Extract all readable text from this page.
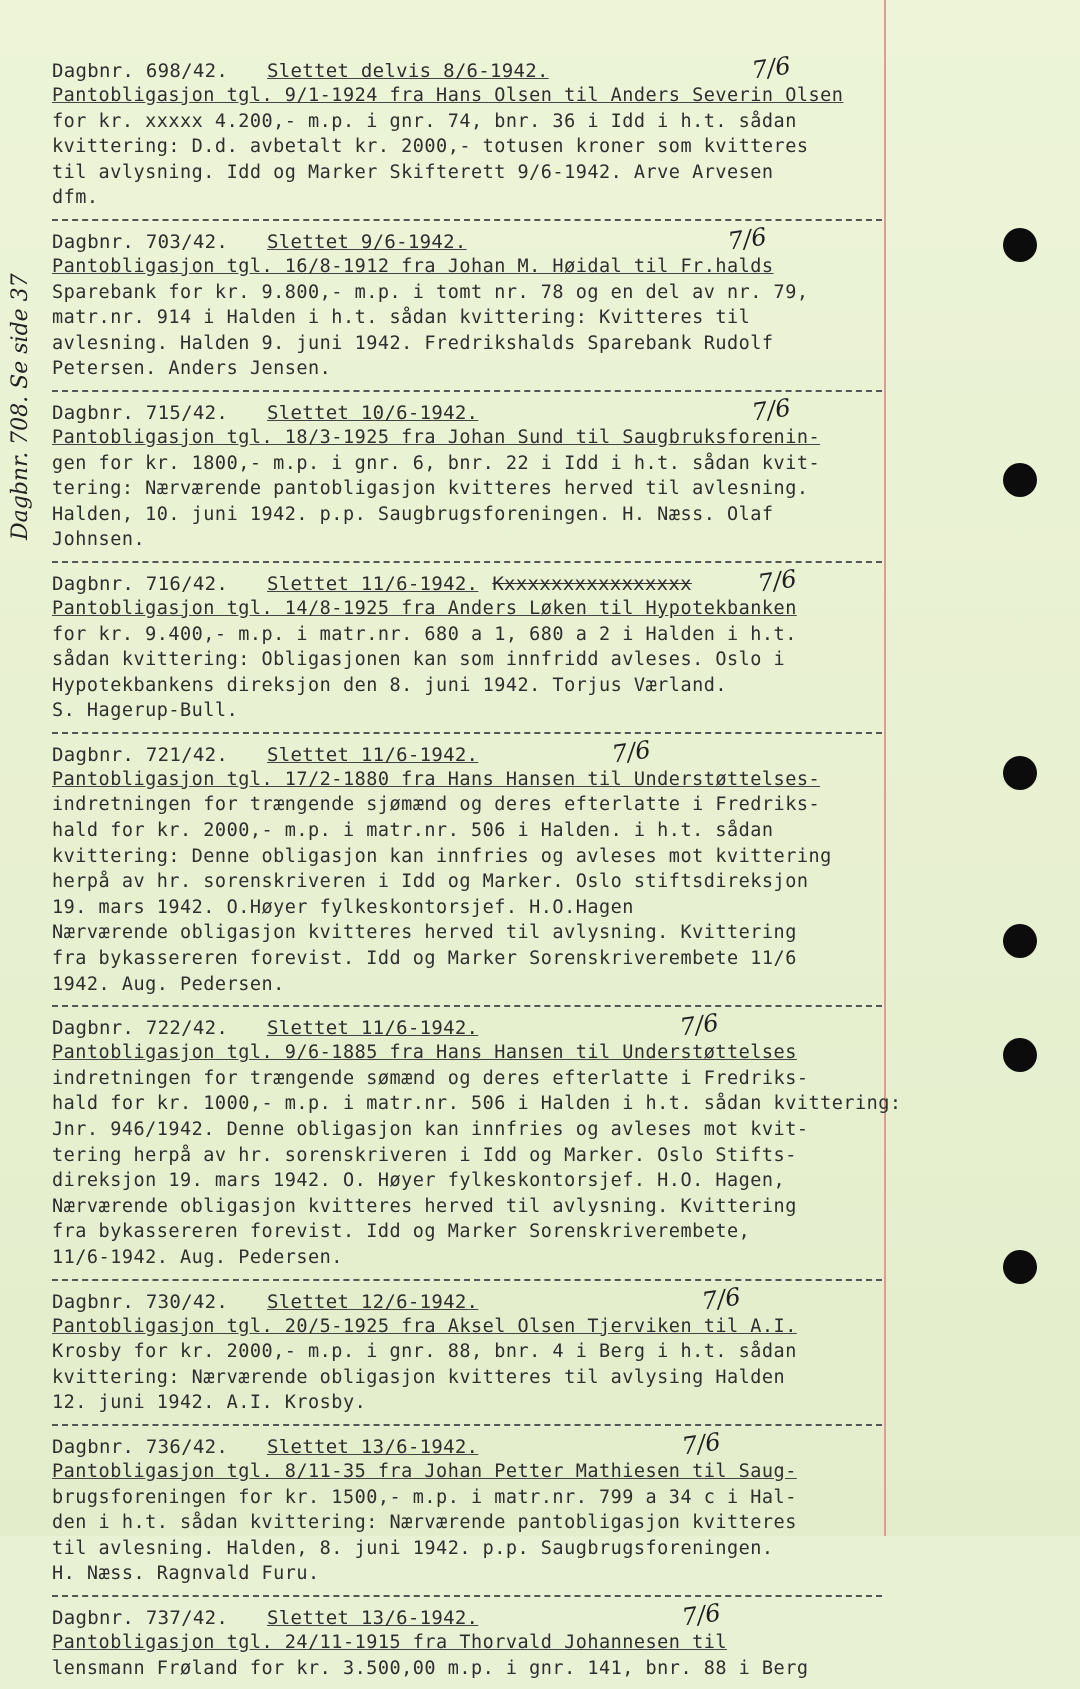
Dagbnr. 708. Se side 37
Dagbnr. 698/42.	Slettet delvis 8/6-1942.	7/6
Pantobligasjon tgl. 9/1-1924 fra Hans Olsen til Anders Severin Olsen
for kr. xxxxx 4.200,- m.p. i gnr. 74, bnr. 36 i Idd i h.t. sådan
kvittering: D.d. avbetalt kr. 2000,- totusen kroner som kvitteres
til avlysning. Idd og Marker Skifterett 9/6-1942. Arve Arvesen
dfm.
Dagbnr. 703/42.	Slettet 9/6-1942.	7/6
Pantobligasjon tgl. 16/8-1912 fra Johan M. Høidal til Fr.halds
Sparebank for kr. 9.800,- m.p. i tomt nr. 78 og en del av nr. 79,
matr.nr. 914 i Halden i h.t. sådan kvittering: Kvitteres til
avlesning. Halden 9. juni 1942. Fredrikshalds Sparebank Rudolf
Petersen. Anders Jensen.
Dagbnr. 715/42.	Slettet 10/6-1942.	7/6
Pantobligasjon tgl. 18/3-1925 fra Johan Sund til Saugbruksforenin-
gen for kr. 1800,- m.p. i gnr. 6, bnr. 22 i Idd i h.t. sådan kvit-
tering: Nærværende pantobligasjon kvitteres herved til avlesning.
Halden, 10. juni 1942. p.p. Saugbrugsforeningen. H. Næss. Olaf
Johnsen.
Dagbnr. 716/42.	Slettet 11/6-1942. Kxxxxxxxxxxxxxxxx	7/6
Pantobligasjon tgl. 14/8-1925 fra Anders Løken til Hypotekbanken
for kr. 9.400,- m.p. i matr.nr. 680 a 1, 680 a 2 i Halden i h.t.
sådan kvittering: Obligasjonen kan som innfridd avleses. Oslo i
Hypotekbankens direksjon den 8. juni 1942. Torjus Værland.
S. Hagerup-Bull.
Dagbnr. 721/42.	Slettet 11/6-1942.	7/6
Pantobligasjon tgl. 17/2-1880 fra Hans Hansen til Understøttelses-
indretningen for trængende sjømænd og deres efterlatte i Fredriks-
hald for kr. 2000,- m.p. i matr.nr. 506 i Halden. i h.t. sådan
kvittering: Denne obligasjon kan innfries og avleses mot kvittering
herpå av hr. sorenskriveren i Idd og Marker. Oslo stiftsdireksjon
19. mars 1942. O.Høyer fylkeskontorsjef. H.O.Hagen
Nærværende obligasjon kvitteres herved til avlysning. Kvittering
fra bykassereren forevist. Idd og Marker Sorenskriverembete 11/6
1942. Aug. Pedersen.
Dagbnr. 722/42.	Slettet 11/6-1942.	7/6
Pantobligasjon tgl. 9/6-1885 fra Hans Hansen til Understøttelses
indretningen for trængende sømænd og deres efterlatte i Fredriks-
hald for kr. 1000,- m.p. i matr.nr. 506 i Halden i h.t. sådan kvittering:
Jnr. 946/1942. Denne obligasjon kan innfries og avleses mot kvit-
tering herpå av hr. sorenskriveren i Idd og Marker. Oslo Stifts-
direksjon 19. mars 1942. O. Høyer fylkeskontorsjef. H.O. Hagen,
Nærværende obligasjon kvitteres herved til avlysning. Kvittering
fra bykassereren forevist. Idd og Marker Sorenskriverembete,
11/6-1942. Aug. Pedersen.
Dagbnr. 730/42.	Slettet 12/6-1942.	7/6
Pantobligasjon tgl. 20/5-1925 fra Aksel Olsen Tjerviken til A.I.
Krosby for kr. 2000,- m.p. i gnr. 88, bnr. 4 i Berg i h.t. sådan
kvittering: Nærværende obligasjon kvitteres til avlysing Halden
12. juni 1942. A.I. Krosby.
Dagbnr. 736/42.	Slettet 13/6-1942.	7/6
Pantobligasjon tgl. 8/11-35 fra Johan Petter Mathiesen til Saug-
brugsforeningen for kr. 1500,- m.p. i matr.nr. 799 a 34 c i Hal-
den i h.t. sådan kvittering: Nærværende pantobligasjon kvitteres
til avlesning. Halden, 8. juni 1942. p.p. Saugbrugsforeningen.
H. Næss. Ragnvald Furu.
Dagbnr. 737/42.	Slettet 13/6-1942.	7/6
Pantobligasjon tgl. 24/11-1915 fra Thorvald Johannesen til
lensmann Frøland for kr. 3.500,00 m.p. i gnr. 141, bnr. 88 i Berg
